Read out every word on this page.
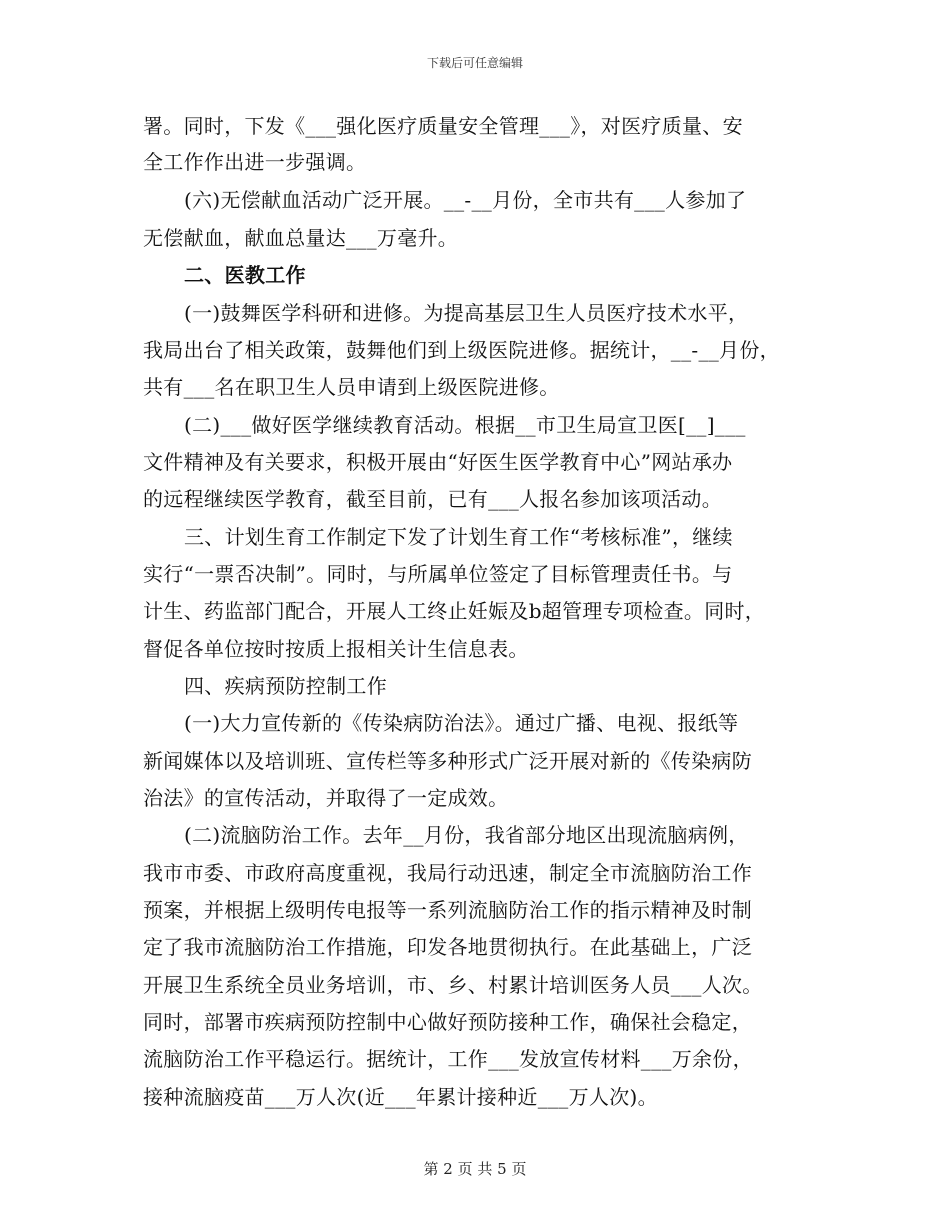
下载后可任意编辑
署。同时，下发《___强化医疗质量安全管理___》，对医疗质量、安
全工作作出进一步强调。
(六)无偿献血活动广泛开展。__-__月份，全市共有___人参加了
无偿献血，献血总量达___万毫升。
二、医教工作
(一)鼓舞医学科研和进修。为提高基层卫生人员医疗技术水平，
我局出台了相关政策，鼓舞他们到上级医院进修。据统计，__-__月份，
共有___名在职卫生人员申请到上级医院进修。
(二)___做好医学继续教育活动。根据__市卫生局宣卫医[__]___
文件精神及有关要求，积极开展由“好医生医学教育中心”网站承办
的远程继续医学教育，截至目前，已有___人报名参加该项活动。
三、计划生育工作制定下发了计划生育工作“考核标准”，继续
实行“一票否决制”。同时，与所属单位签定了目标管理责任书。与
计生、药监部门配合，开展人工终止妊娠及b超管理专项检查。同时，
督促各单位按时按质上报相关计生信息表。
四、疾病预防控制工作
(一)大力宣传新的《传染病防治法》。通过广播、电视、报纸等
新闻媒体以及培训班、宣传栏等多种形式广泛开展对新的《传染病防
治法》的宣传活动，并取得了一定成效。
(二)流脑防治工作。去年__月份，我省部分地区出现流脑病例，
我市市委、市政府高度重视，我局行动迅速，制定全市流脑防治工作
预案，并根据上级明传电报等一系列流脑防治工作的指示精神及时制
定了我市流脑防治工作措施，印发各地贯彻执行。在此基础上，广泛
开展卫生系统全员业务培训，市、乡、村累计培训医务人员___人次。
同时，部署市疾病预防控制中心做好预防接种工作，确保社会稳定，
流脑防治工作平稳运行。据统计，工作___发放宣传材料___万余份，
接种流脑疫苗___万人次(近___年累计接种近___万人次)。
第 2 页 共 5 页
